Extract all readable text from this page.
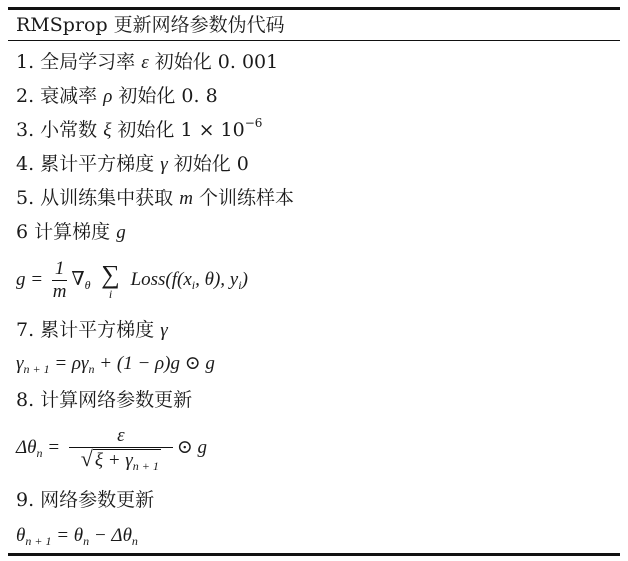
RMSprop 更新网络参数伪代码
1. 全局学习率 ε 初始化 0. 001
2. 衰减率 ρ 初始化 0. 8
3. 小常数 ξ 初始化 $1 \times 10^{-6}$
4. 累计平方梯度 γ 初始化 0
5. 从训练集中获取 m 个训练样本
6 计算梯度 g
$g = \frac{1}{m} \nabla_\theta$ ∑
i
$Loss(f(x_i$, θ), $y_i$)
7. 累计平方梯度 γ
$\gamma_{n + 1} = \rho\gamma_n + (1 - \rho)g$ ⊙ g
8. 计算网络参数更新
$\Delta\theta_n = \frac{\varepsilon}{√ \xi + \gamma_{n + 1}}$ ⊙ g
9. 网络参数更新
$\theta_{n + 1} = \theta_n - \Delta\theta_n$
